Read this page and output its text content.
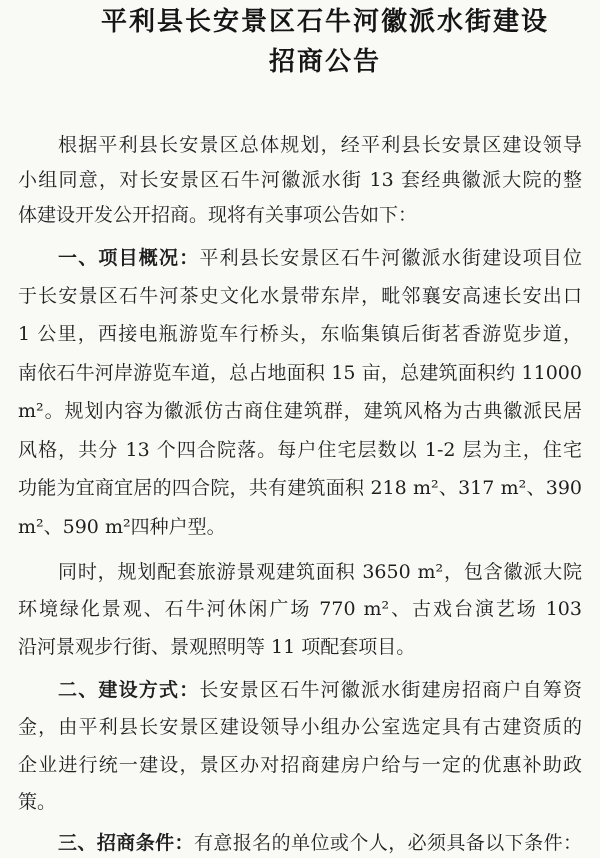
平利县长安景区石牛河徽派水街建设
招商公告
根据平利县长安景区总体规划，经平利县长安景区建设领导
小组同意，对长安景区石牛河徽派水街 13 套经典徽派大院的整
体建设开发公开招商。现将有关事项公告如下：
一、项目概况：平利县长安景区石牛河徽派水街建设项目位
于长安景区石牛河茶史文化水景带东岸，毗邻襄安高速长安出口
1 公里，西接电瓶游览车行桥头，东临集镇后街茗香游览步道，
南依石牛河岸游览车道，总占地面积 15 亩，总建筑面积约 11000
m²。规划内容为徽派仿古商住建筑群，建筑风格为古典徽派民居
风格，共分 13 个四合院落。每户住宅层数以 1-2 层为主，住宅
功能为宜商宜居的四合院，共有建筑面积 218 m²、317 m²、390
m²、590 m²四种户型。
同时，规划配套旅游景观建筑面积 3650 m²，包含徽派大院
环境绿化景观、石牛河休闲广场 770 m²、古戏台演艺场 103
沿河景观步行街、景观照明等 11 项配套项目。
二、建设方式：长安景区石牛河徽派水街建房招商户自筹资
金，由平利县长安景区建设领导小组办公室选定具有古建资质的
企业进行统一建设，景区办对招商建房户给与一定的优惠补助政
策。
三、招商条件：有意报名的单位或个人，必须具备以下条件：
